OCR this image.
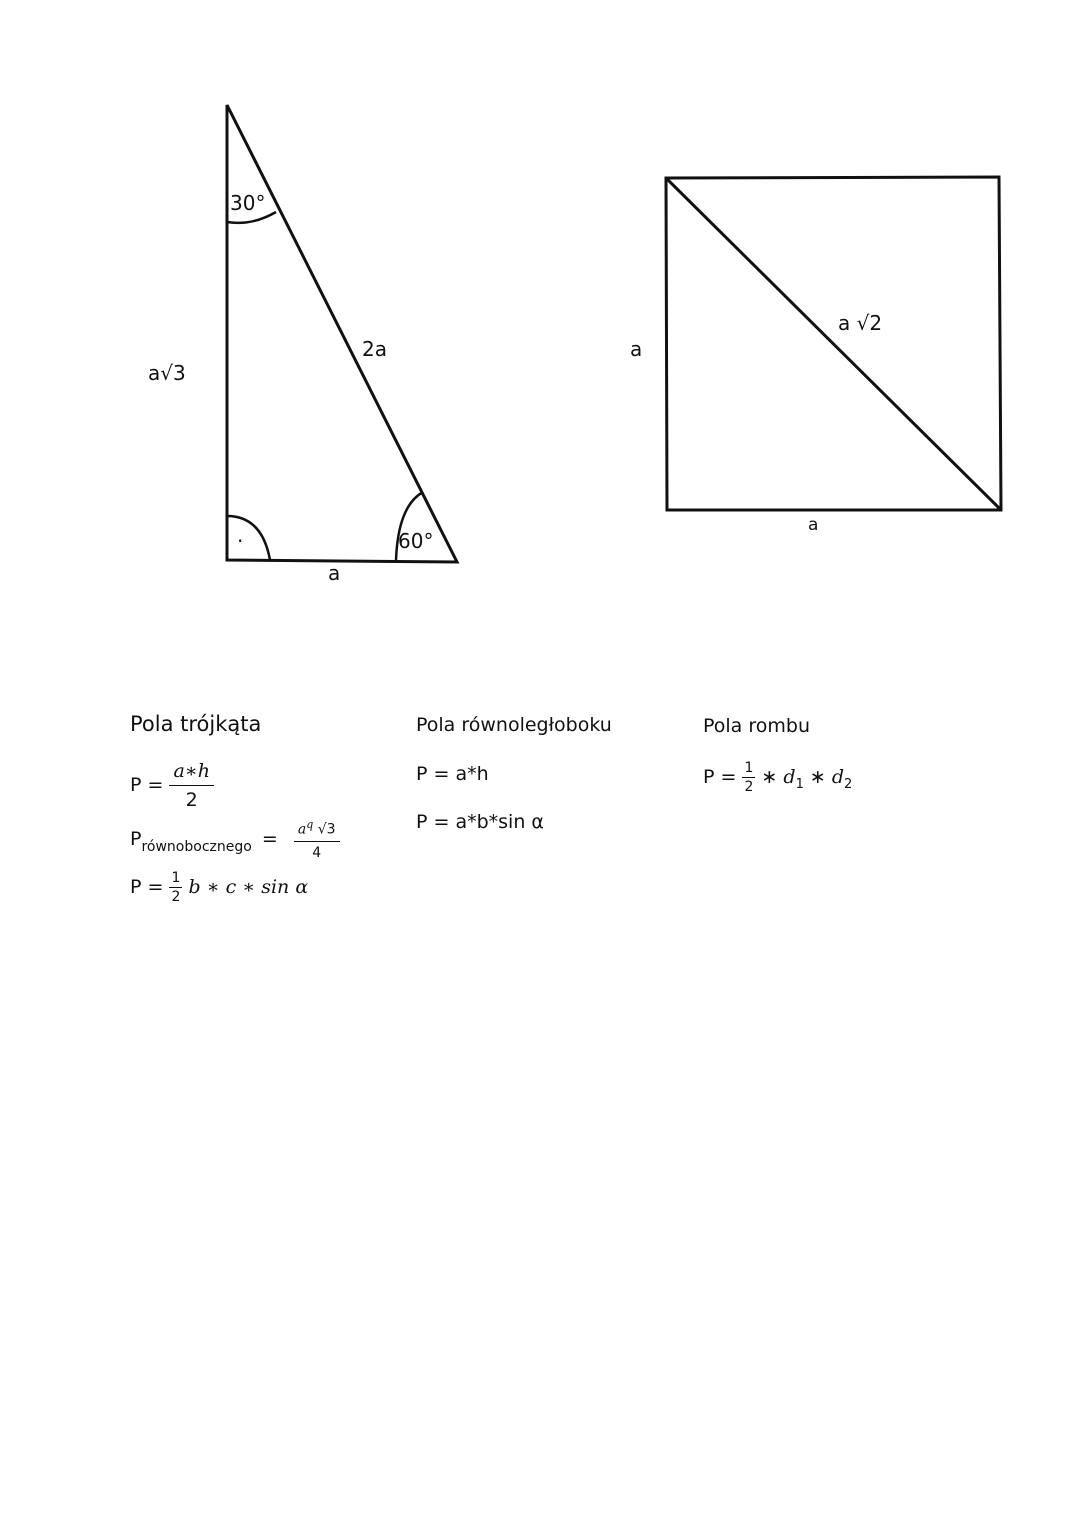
30°
60°
·
a√3
2a
a
a
a √2
a
Pola trójkąta
$P = \frac{a∗h}{2}$
$P_{równobocznego} = \frac{a^q √3}{4}$
$P = \frac{1}{2}$ b ∗ c ∗ sin α
Pola równoległoboku
P = a*h
P = a*b*sin α
Pola rombu
$P = \frac{1}{2}$ ∗ $d_1$ ∗ $d_2$
